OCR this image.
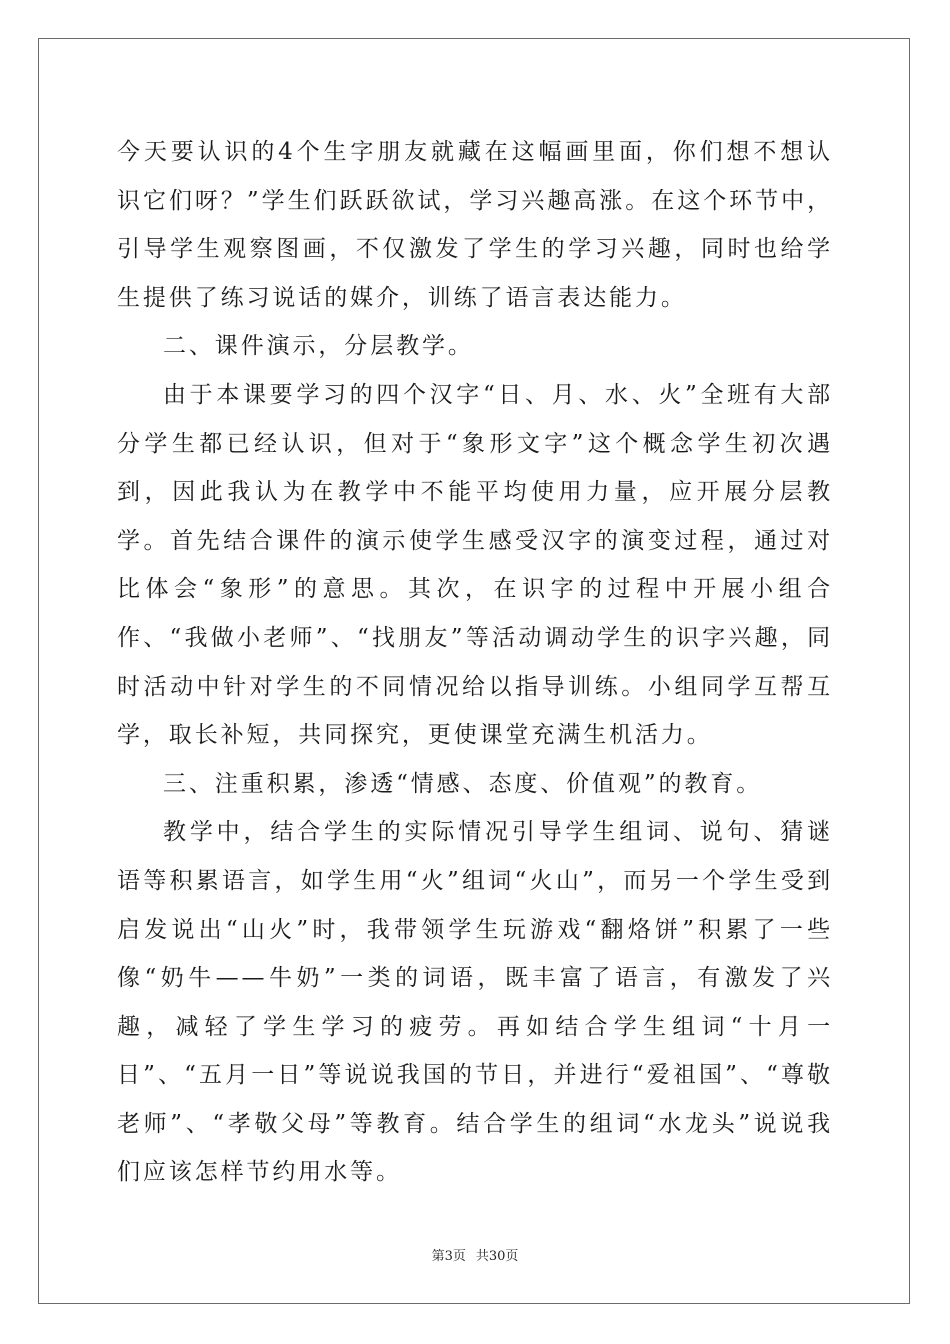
今天要认识的4个生字朋友就藏在这幅画里面，你们想不想认识它们呀？”学生们跃跃欲试，学习兴趣高涨。在这个环节中，引导学生观察图画，不仅激发了学生的学习兴趣，同时也给学生提供了练习说话的媒介，训练了语言表达能力。

二、课件演示，分层教学。

由于本课要学习的四个汉字“日、月、水、火”全班有大部分学生都已经认识，但对于“象形文字”这个概念学生初次遇到，因此我认为在教学中不能平均使用力量，应开展分层教学。首先结合课件的演示使学生感受汉字的演变过程，通过对比体会“象形”的意思。其次，在识字的过程中开展小组合作、“我做小老师”、“找朋友”等活动调动学生的识字兴趣，同时活动中针对学生的不同情况给以指导训练。小组同学互帮互学，取长补短，共同探究，更使课堂充满生机活力。

三、注重积累，渗透“情感、态度、价值观”的教育。

教学中，结合学生的实际情况引导学生组词、说句、猜谜语等积累语言，如学生用“火”组词“火山”，而另一个学生受到启发说出“山火”时，我带领学生玩游戏“翻烙饼”积累了一些像“奶牛——牛奶”一类的词语，既丰富了语言，有激发了兴趣，减轻了学生学习的疲劳。再如结合学生组词“十月一日”、“五月一日”等说说我国的节日，并进行“爱祖国”、“尊敬老师”、“孝敬父母”等教育。结合学生的组词“水龙头”说说我们应该怎样节约用水等。

第3页 共30页
